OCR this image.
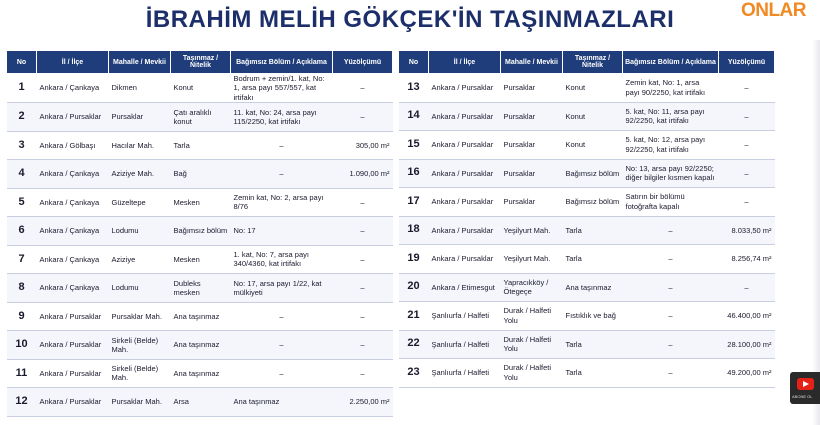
İBRAHİM MELİH GÖKÇEK'İN TAŞINMAZLARI	ONLAR
No	İl / İlçe	Mahalle / Mevkii	Taşınmaz / Nitelik	Bağımsız Bölüm / Açıklama	Yüzölçümü
1	Ankara / Çankaya	Dikmen	Konut	Bodrum + zemin/1. kat, No: 1, arsa payı 557/557, kat irtifakı	–
2	Ankara / Pursaklar	Pursaklar	Çatı aralıklı konut	11. kat, No: 24, arsa payı 115/2250, kat irtifakı	–
3	Ankara / Gölbaşı	Hacılar Mah.	Tarla	–	305,00 m²
4	Ankara / Çankaya	Aziziye Mah.	Bağ	–	1.090,00 m²
5	Ankara / Çankaya	Güzeltepe	Mesken	Zemin kat, No: 2, arsa payı 8/76	–
6	Ankara / Çankaya	Lodumu	Bağımsız bölüm	No: 17	–
7	Ankara / Çankaya	Aziziye	Mesken	1. kat, No: 7, arsa payı 340/4360, kat irtifakı	–
8	Ankara / Çankaya	Lodumu	Dubleks mesken	No: 17, arsa payı 1/22, kat mülkiyeti	–
9	Ankara / Pursaklar	Pursaklar Mah.	Ana taşınmaz	–	–
10	Ankara / Pursaklar	Sirkeli (Belde) Mah.	Ana taşınmaz	–	–
11	Ankara / Pursaklar	Sirkeli (Belde) Mah.	Ana taşınmaz	–	–
12	Ankara / Pursaklar	Pursaklar Mah.	Arsa	Ana taşınmaz	2.250,00 m²
No	İl / İlçe	Mahalle / Mevkii	Taşınmaz / Nitelik	Bağımsız Bölüm / Açıklama	Yüzölçümü
13	Ankara / Pursaklar	Pursaklar	Konut	Zemin kat, No: 1, arsa payı 90/2250, kat irtifakı	–
14	Ankara / Pursaklar	Pursaklar	Konut	5. kat, No: 11, arsa payı 92/2250, kat irtifakı	–
15	Ankara / Pursaklar	Pursaklar	Konut	5. kat, No: 12, arsa payı 92/2250, kat irtifakı	–
16	Ankara / Pursaklar	Pursaklar	Bağımsız bölüm	No: 13, arsa payı 92/2250; diğer bilgiler kısmen kapalı	–
17	Ankara / Pursaklar	Pursaklar	Bağımsız bölüm	Satırın bir bölümü fotoğrafta kapalı	–
18	Ankara / Pursaklar	Yeşilyurt Mah.	Tarla	–	8.033,50 m²
19	Ankara / Pursaklar	Yeşilyurt Mah.	Tarla	–	8.256,74 m²
20	Ankara / Etimesgut	Yapracıkköy / Ötegeçe	Ana taşınmaz	–	–
21	Şanlıurfa / Halfeti	Durak / Halfeti Yolu	Fıstıklık ve bağ	–	46.400,00 m²
22	Şanlıurfa / Halfeti	Durak / Halfeti Yolu	Tarla	–	28.100,00 m²
23	Şanlıurfa / Halfeti	Durak / Halfeti Yolu	Tarla	–	49.200,00 m²
ABONE OL
